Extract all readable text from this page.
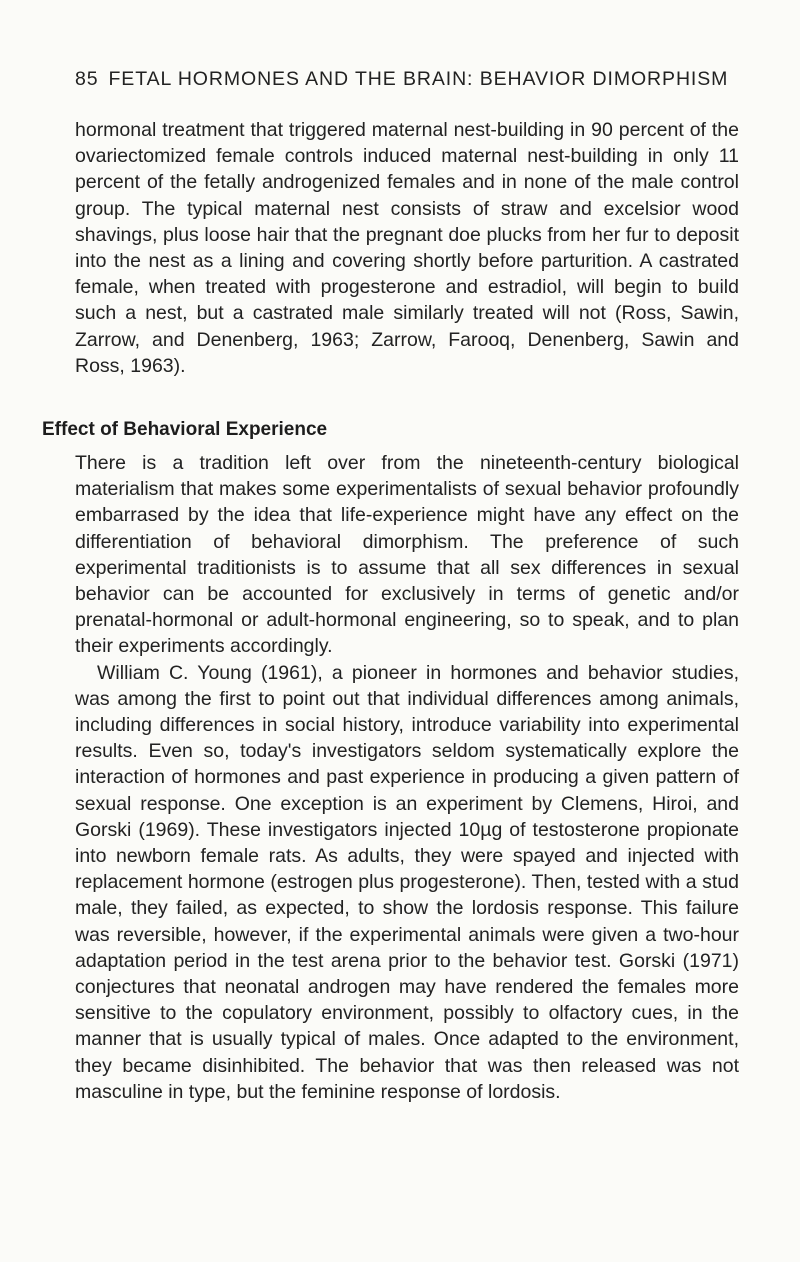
85 FETAL HORMONES AND THE BRAIN: BEHAVIOR DIMORPHISM

hormonal treatment that triggered maternal nest-building in 90 percent of the ovariectomized female controls induced maternal nest-building in only 11 percent of the fetally androgenized females and in none of the male control group. The typical maternal nest consists of straw and excelsior wood shavings, plus loose hair that the pregnant doe plucks from her fur to deposit into the nest as a lining and covering shortly before parturition. A castrated female, when treated with progesterone and estradiol, will begin to build such a nest, but a castrated male similarly treated will not (Ross, Sawin, Zarrow, and Denenberg, 1963; Zarrow, Farooq, Denenberg, Sawin and Ross, 1963).

Effect of Behavioral Experience

There is a tradition left over from the nineteenth-century biological materialism that makes some experimentalists of sexual behavior profoundly embarrased by the idea that life-experience might have any effect on the differentiation of behavioral dimorphism. The preference of such experimental traditionists is to assume that all sex differences in sexual behavior can be accounted for exclusively in terms of genetic and/or prenatal-hormonal or adult-hormonal engineering, so to speak, and to plan their experiments accordingly.

William C. Young (1961), a pioneer in hormones and behavior studies, was among the first to point out that individual differences among animals, including differences in social history, introduce variability into experimental results. Even so, today's investigators seldom systematically explore the interaction of hormones and past experience in producing a given pattern of sexual response. One exception is an experiment by Clemens, Hiroi, and Gorski (1969). These investigators injected 10µg of testosterone propionate into newborn female rats. As adults, they were spayed and injected with replacement hormone (estrogen plus progesterone). Then, tested with a stud male, they failed, as expected, to show the lordosis response. This failure was reversible, however, if the experimental animals were given a two-hour adaptation period in the test arena prior to the behavior test. Gorski (1971) conjectures that neonatal androgen may have rendered the females more sensitive to the copulatory environment, possibly to olfactory cues, in the manner that is usually typical of males. Once adapted to the environment, they became disinhibited. The behavior that was then released was not masculine in type, but the feminine response of lordosis.
